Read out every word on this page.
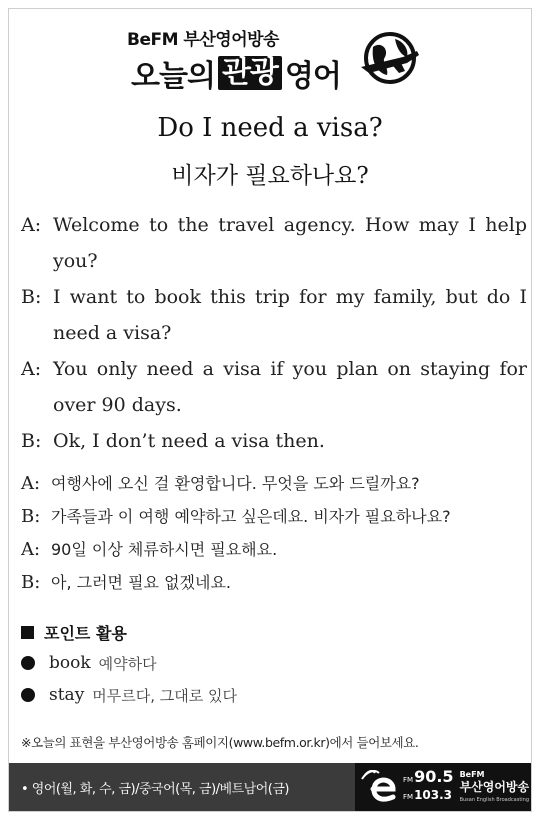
BeFM 부산영어방송
오늘의 관광 영어
Do I need a visa?
비자가 필요하나요?
A: Welcome to the travel agency. How may I help you?
B: I want to book this trip for my family, but do I need a visa?
A: You only need a visa if you plan on staying for over 90 days.
B: Ok, I don’t need a visa then.
A: 여행사에 오신 걸 환영합니다. 무엇을 도와 드릴까요?
B: 가족들과 이 여행 예약하고 싶은데요. 비자가 필요하나요?
A: 90일 이상 체류하시면 필요해요.
B: 아, 그러면 필요 없겠네요.
포인트 활용
book 예약하다
stay 머무르다, 그대로 있다
※오늘의 표현을 부산영어방송 홈페이지(www.befm.or.kr)에서 들어보세요.
• 영어(월, 화, 수, 금)/중국어(목, 금)/베트남어(금)
FM90.5
FM103.3
BeFM
부산영어방송
Busan English Broadcasting
